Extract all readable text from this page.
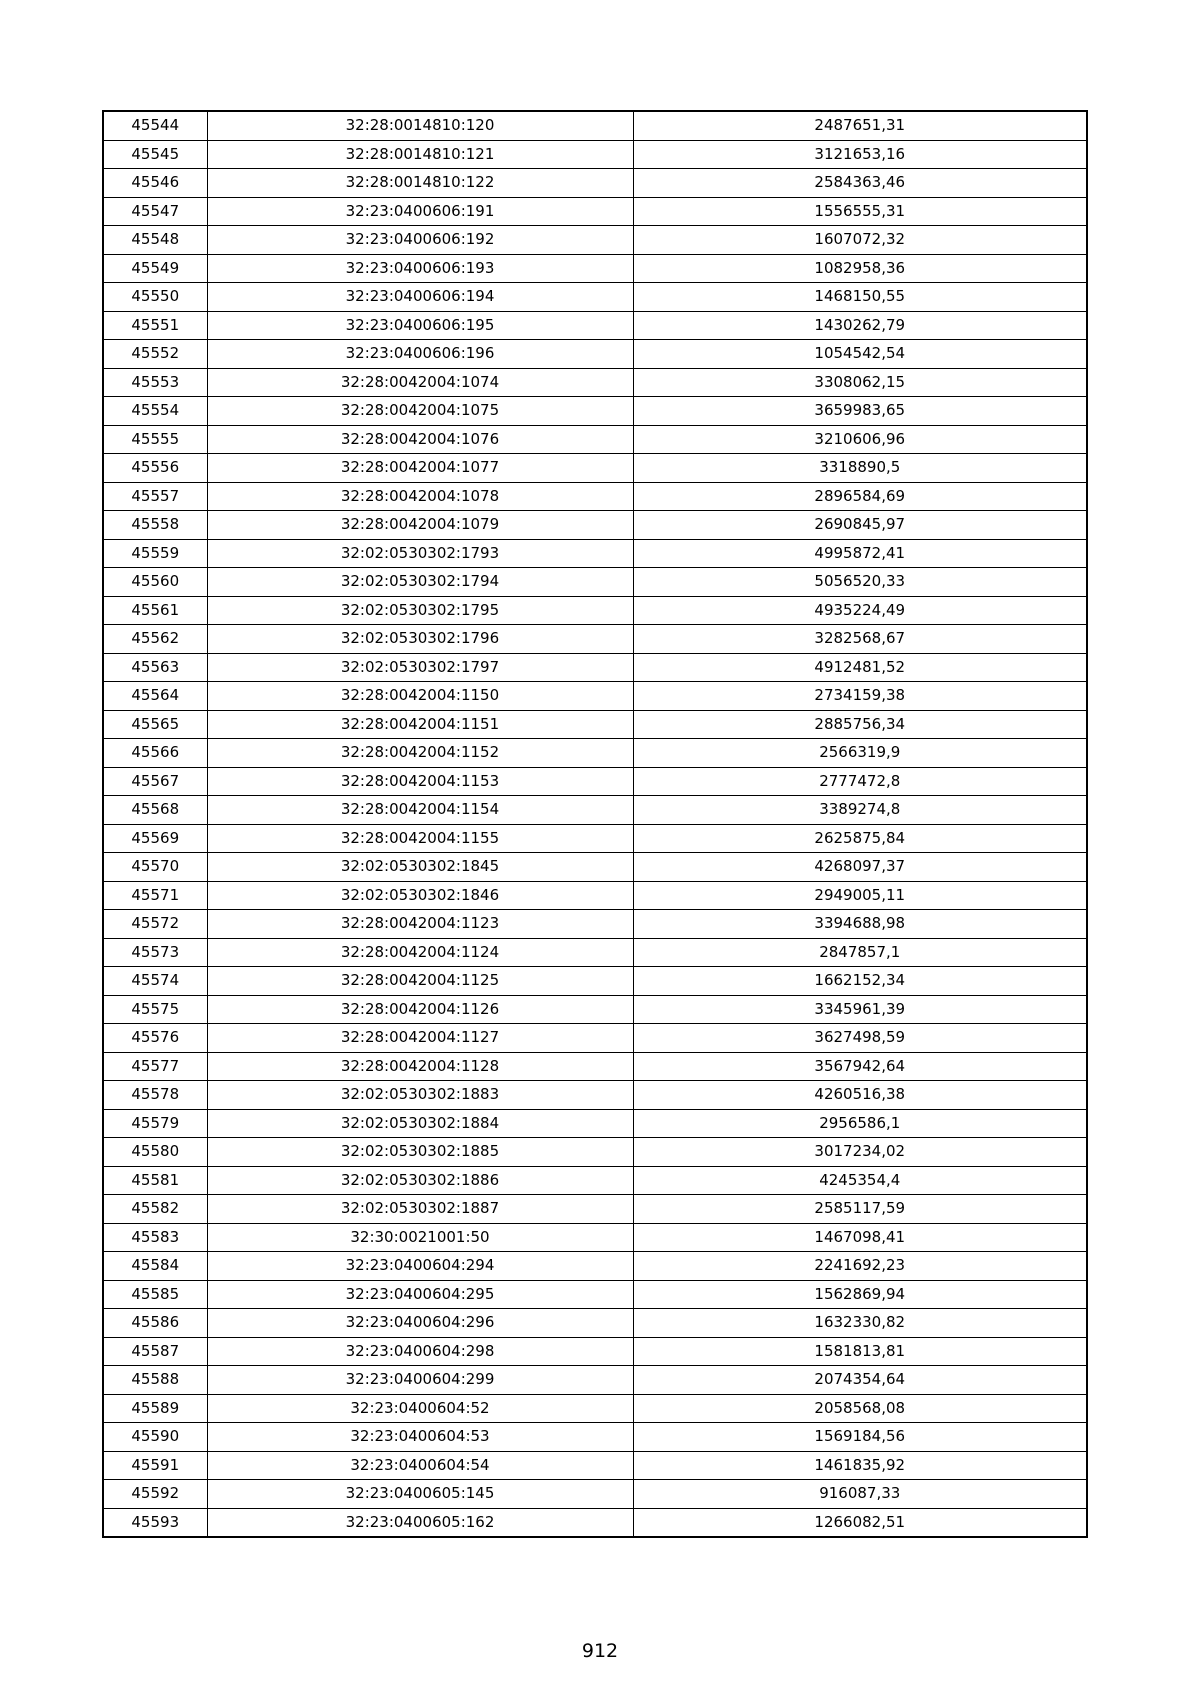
45544	32:28:0014810:120	2487651,31
45545	32:28:0014810:121	3121653,16
45546	32:28:0014810:122	2584363,46
45547	32:23:0400606:191	1556555,31
45548	32:23:0400606:192	1607072,32
45549	32:23:0400606:193	1082958,36
45550	32:23:0400606:194	1468150,55
45551	32:23:0400606:195	1430262,79
45552	32:23:0400606:196	1054542,54
45553	32:28:0042004:1074	3308062,15
45554	32:28:0042004:1075	3659983,65
45555	32:28:0042004:1076	3210606,96
45556	32:28:0042004:1077	3318890,5
45557	32:28:0042004:1078	2896584,69
45558	32:28:0042004:1079	2690845,97
45559	32:02:0530302:1793	4995872,41
45560	32:02:0530302:1794	5056520,33
45561	32:02:0530302:1795	4935224,49
45562	32:02:0530302:1796	3282568,67
45563	32:02:0530302:1797	4912481,52
45564	32:28:0042004:1150	2734159,38
45565	32:28:0042004:1151	2885756,34
45566	32:28:0042004:1152	2566319,9
45567	32:28:0042004:1153	2777472,8
45568	32:28:0042004:1154	3389274,8
45569	32:28:0042004:1155	2625875,84
45570	32:02:0530302:1845	4268097,37
45571	32:02:0530302:1846	2949005,11
45572	32:28:0042004:1123	3394688,98
45573	32:28:0042004:1124	2847857,1
45574	32:28:0042004:1125	1662152,34
45575	32:28:0042004:1126	3345961,39
45576	32:28:0042004:1127	3627498,59
45577	32:28:0042004:1128	3567942,64
45578	32:02:0530302:1883	4260516,38
45579	32:02:0530302:1884	2956586,1
45580	32:02:0530302:1885	3017234,02
45581	32:02:0530302:1886	4245354,4
45582	32:02:0530302:1887	2585117,59
45583	32:30:0021001:50	1467098,41
45584	32:23:0400604:294	2241692,23
45585	32:23:0400604:295	1562869,94
45586	32:23:0400604:296	1632330,82
45587	32:23:0400604:298	1581813,81
45588	32:23:0400604:299	2074354,64
45589	32:23:0400604:52	2058568,08
45590	32:23:0400604:53	1569184,56
45591	32:23:0400604:54	1461835,92
45592	32:23:0400605:145	916087,33
45593	32:23:0400605:162	1266082,51
912
